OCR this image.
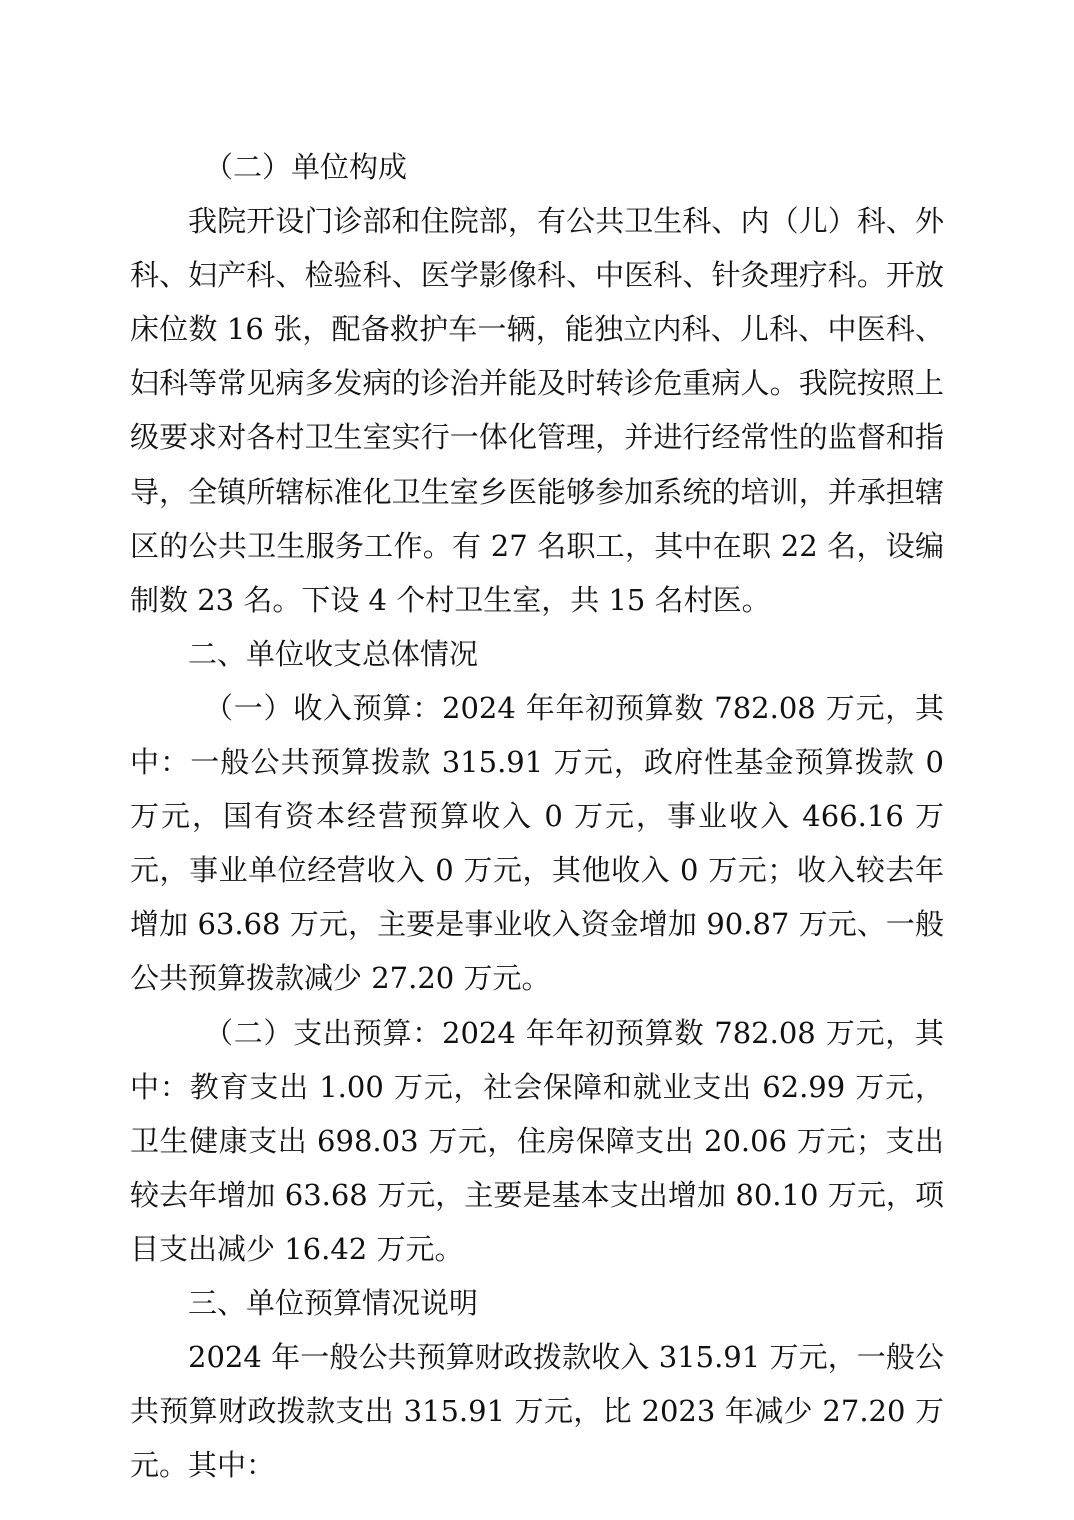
（二）单位构成

我院开设门诊部和住院部，有公共卫生科、内（儿）科、外科、妇产科、检验科、医学影像科、中医科、针灸理疗科。开放床位数 16 张，配备救护车一辆，能独立内科、儿科、中医科、妇科等常见病多发病的诊治并能及时转诊危重病人。我院按照上级要求对各村卫生室实行一体化管理，并进行经常性的监督和指导，全镇所辖标准化卫生室乡医能够参加系统的培训，并承担辖区的公共卫生服务工作。有 27 名职工，其中在职 22 名，设编制数 23 名。下设 4 个村卫生室，共 15 名村医。

二、单位收支总体情况

（一）收入预算：2024 年年初预算数 782.08 万元，其中：一般公共预算拨款 315.91 万元，政府性基金预算拨款 0 万元，国有资本经营预算收入 0 万元，事业收入 466.16 万元，事业单位经营收入 0 万元，其他收入 0 万元；收入较去年增加 63.68 万元，主要是事业收入资金增加 90.87 万元、一般公共预算拨款减少 27.20 万元。

（二）支出预算：2024 年年初预算数 782.08 万元，其中：教育支出 1.00 万元，社会保障和就业支出 62.99 万元，卫生健康支出 698.03 万元，住房保障支出 20.06 万元；支出较去年增加 63.68 万元，主要是基本支出增加 80.10 万元，项目支出减少 16.42 万元。

三、单位预算情况说明

2024 年一般公共预算财政拨款收入 315.91 万元，一般公共预算财政拨款支出 315.91 万元，比 2023 年减少 27.20 万元。其中：
